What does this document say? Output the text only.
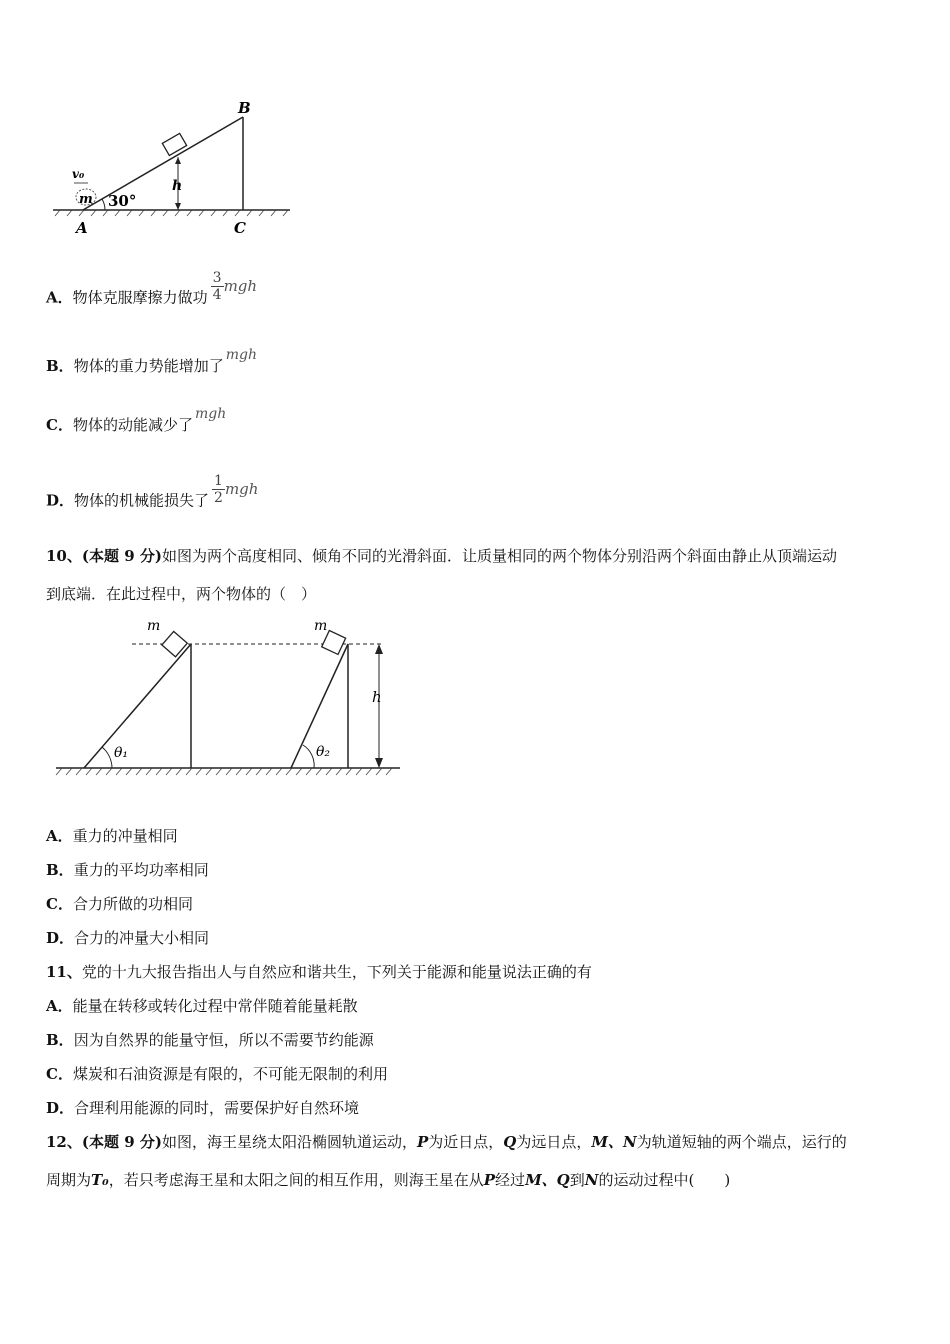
h
30°
m
v₀
B
A	C
A．物体克服摩擦力做功 $\frac{3}{4}$ mgh
B．物体的重力势能增加了mgh
C．物体的动能减少了mgh
D．物体的机械能损失了 $\frac{1}{2}$ mgh
10、(本题 9 分)如图为两个高度相同、倾角不同的光滑斜面．让质量相同的两个物体分别沿两个斜面由静止从顶端运动
到底端．在此过程中，两个物体的（　）
θ₁
m
θ₂
m
h
A．重力的冲量相同
B．重力的平均功率相同
C．合力所做的功相同
D．合力的冲量大小相同
11、党的十九大报告指出人与自然应和谐共生，下列关于能源和能量说法正确的有
A．能量在转移或转化过程中常伴随着能量耗散
B．因为自然界的能量守恒，所以不需要节约能源
C．煤炭和石油资源是有限的，不可能无限制的利用
D．合理利用能源的同时，需要保护好自然环境
12、(本题 9 分)如图，海王星绕太阳沿椭圆轨道运动，P为近日点，Q为远日点，M、N为轨道短轴的两个端点，运行的
周期为T₀，若只考虑海王星和太阳之间的相互作用，则海王星在从P经过M、Q到N的运动过程中(　　)
